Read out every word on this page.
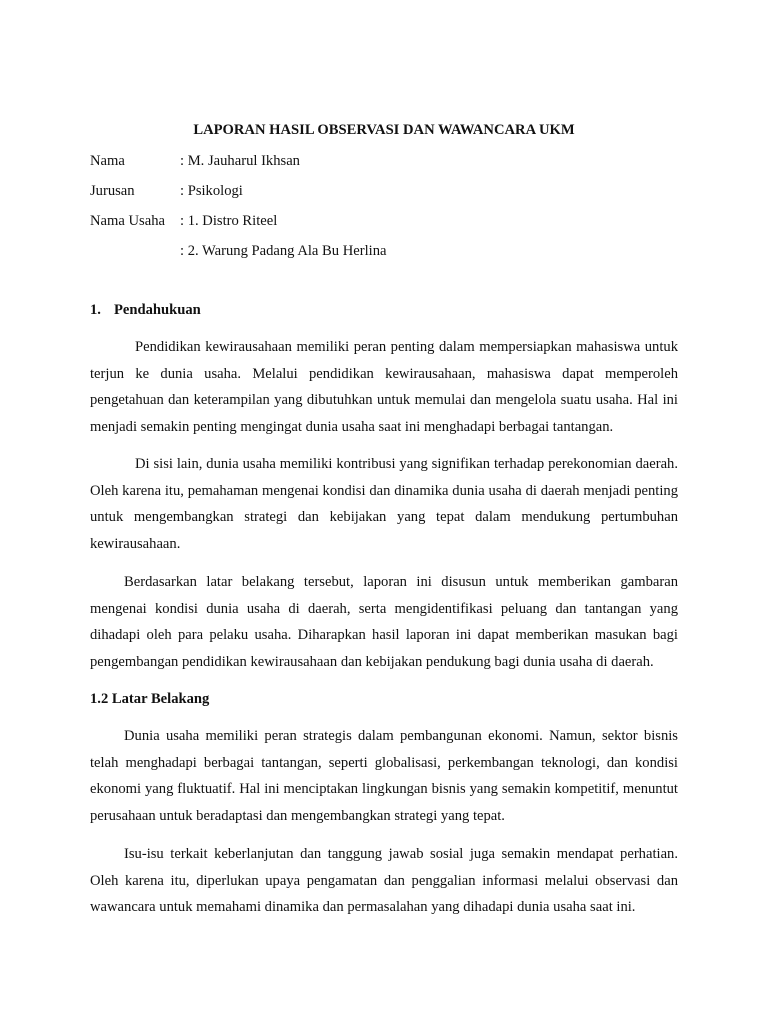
LAPORAN HASIL OBSERVASI DAN WAWANCARA UKM
Nama	: M. Jauharul Ikhsan
Jurusan	: Psikologi
Nama Usaha : 1. Distro Riteel
: 2. Warung Padang Ala Bu Herlina
1. Pendahukuan

Pendidikan kewirausahaan memiliki peran penting dalam mempersiapkan mahasiswa untuk terjun ke dunia usaha. Melalui pendidikan kewirausahaan, mahasiswa dapat memperoleh pengetahuan dan keterampilan yang dibutuhkan untuk memulai dan mengelola suatu usaha. Hal ini menjadi semakin penting mengingat dunia usaha saat ini menghadapi berbagai tantangan.

Di sisi lain, dunia usaha memiliki kontribusi yang signifikan terhadap perekonomian daerah. Oleh karena itu, pemahaman mengenai kondisi dan dinamika dunia usaha di daerah menjadi penting untuk mengembangkan strategi dan kebijakan yang tepat dalam mendukung pertumbuhan kewirausahaan.

Berdasarkan latar belakang tersebut, laporan ini disusun untuk memberikan gambaran mengenai kondisi dunia usaha di daerah, serta mengidentifikasi peluang dan tantangan yang dihadapi oleh para pelaku usaha. Diharapkan hasil laporan ini dapat memberikan masukan bagi pengembangan pendidikan kewirausahaan dan kebijakan pendukung bagi dunia usaha di daerah.

1.2 Latar Belakang

Dunia usaha memiliki peran strategis dalam pembangunan ekonomi. Namun, sektor bisnis telah menghadapi berbagai tantangan, seperti globalisasi, perkembangan teknologi, dan kondisi ekonomi yang fluktuatif. Hal ini menciptakan lingkungan bisnis yang semakin kompetitif, menuntut perusahaan untuk beradaptasi dan mengembangkan strategi yang tepat.

Isu-isu terkait keberlanjutan dan tanggung jawab sosial juga semakin mendapat perhatian. Oleh karena itu, diperlukan upaya pengamatan dan penggalian informasi melalui observasi dan wawancara untuk memahami dinamika dan permasalahan yang dihadapi dunia usaha saat ini.
